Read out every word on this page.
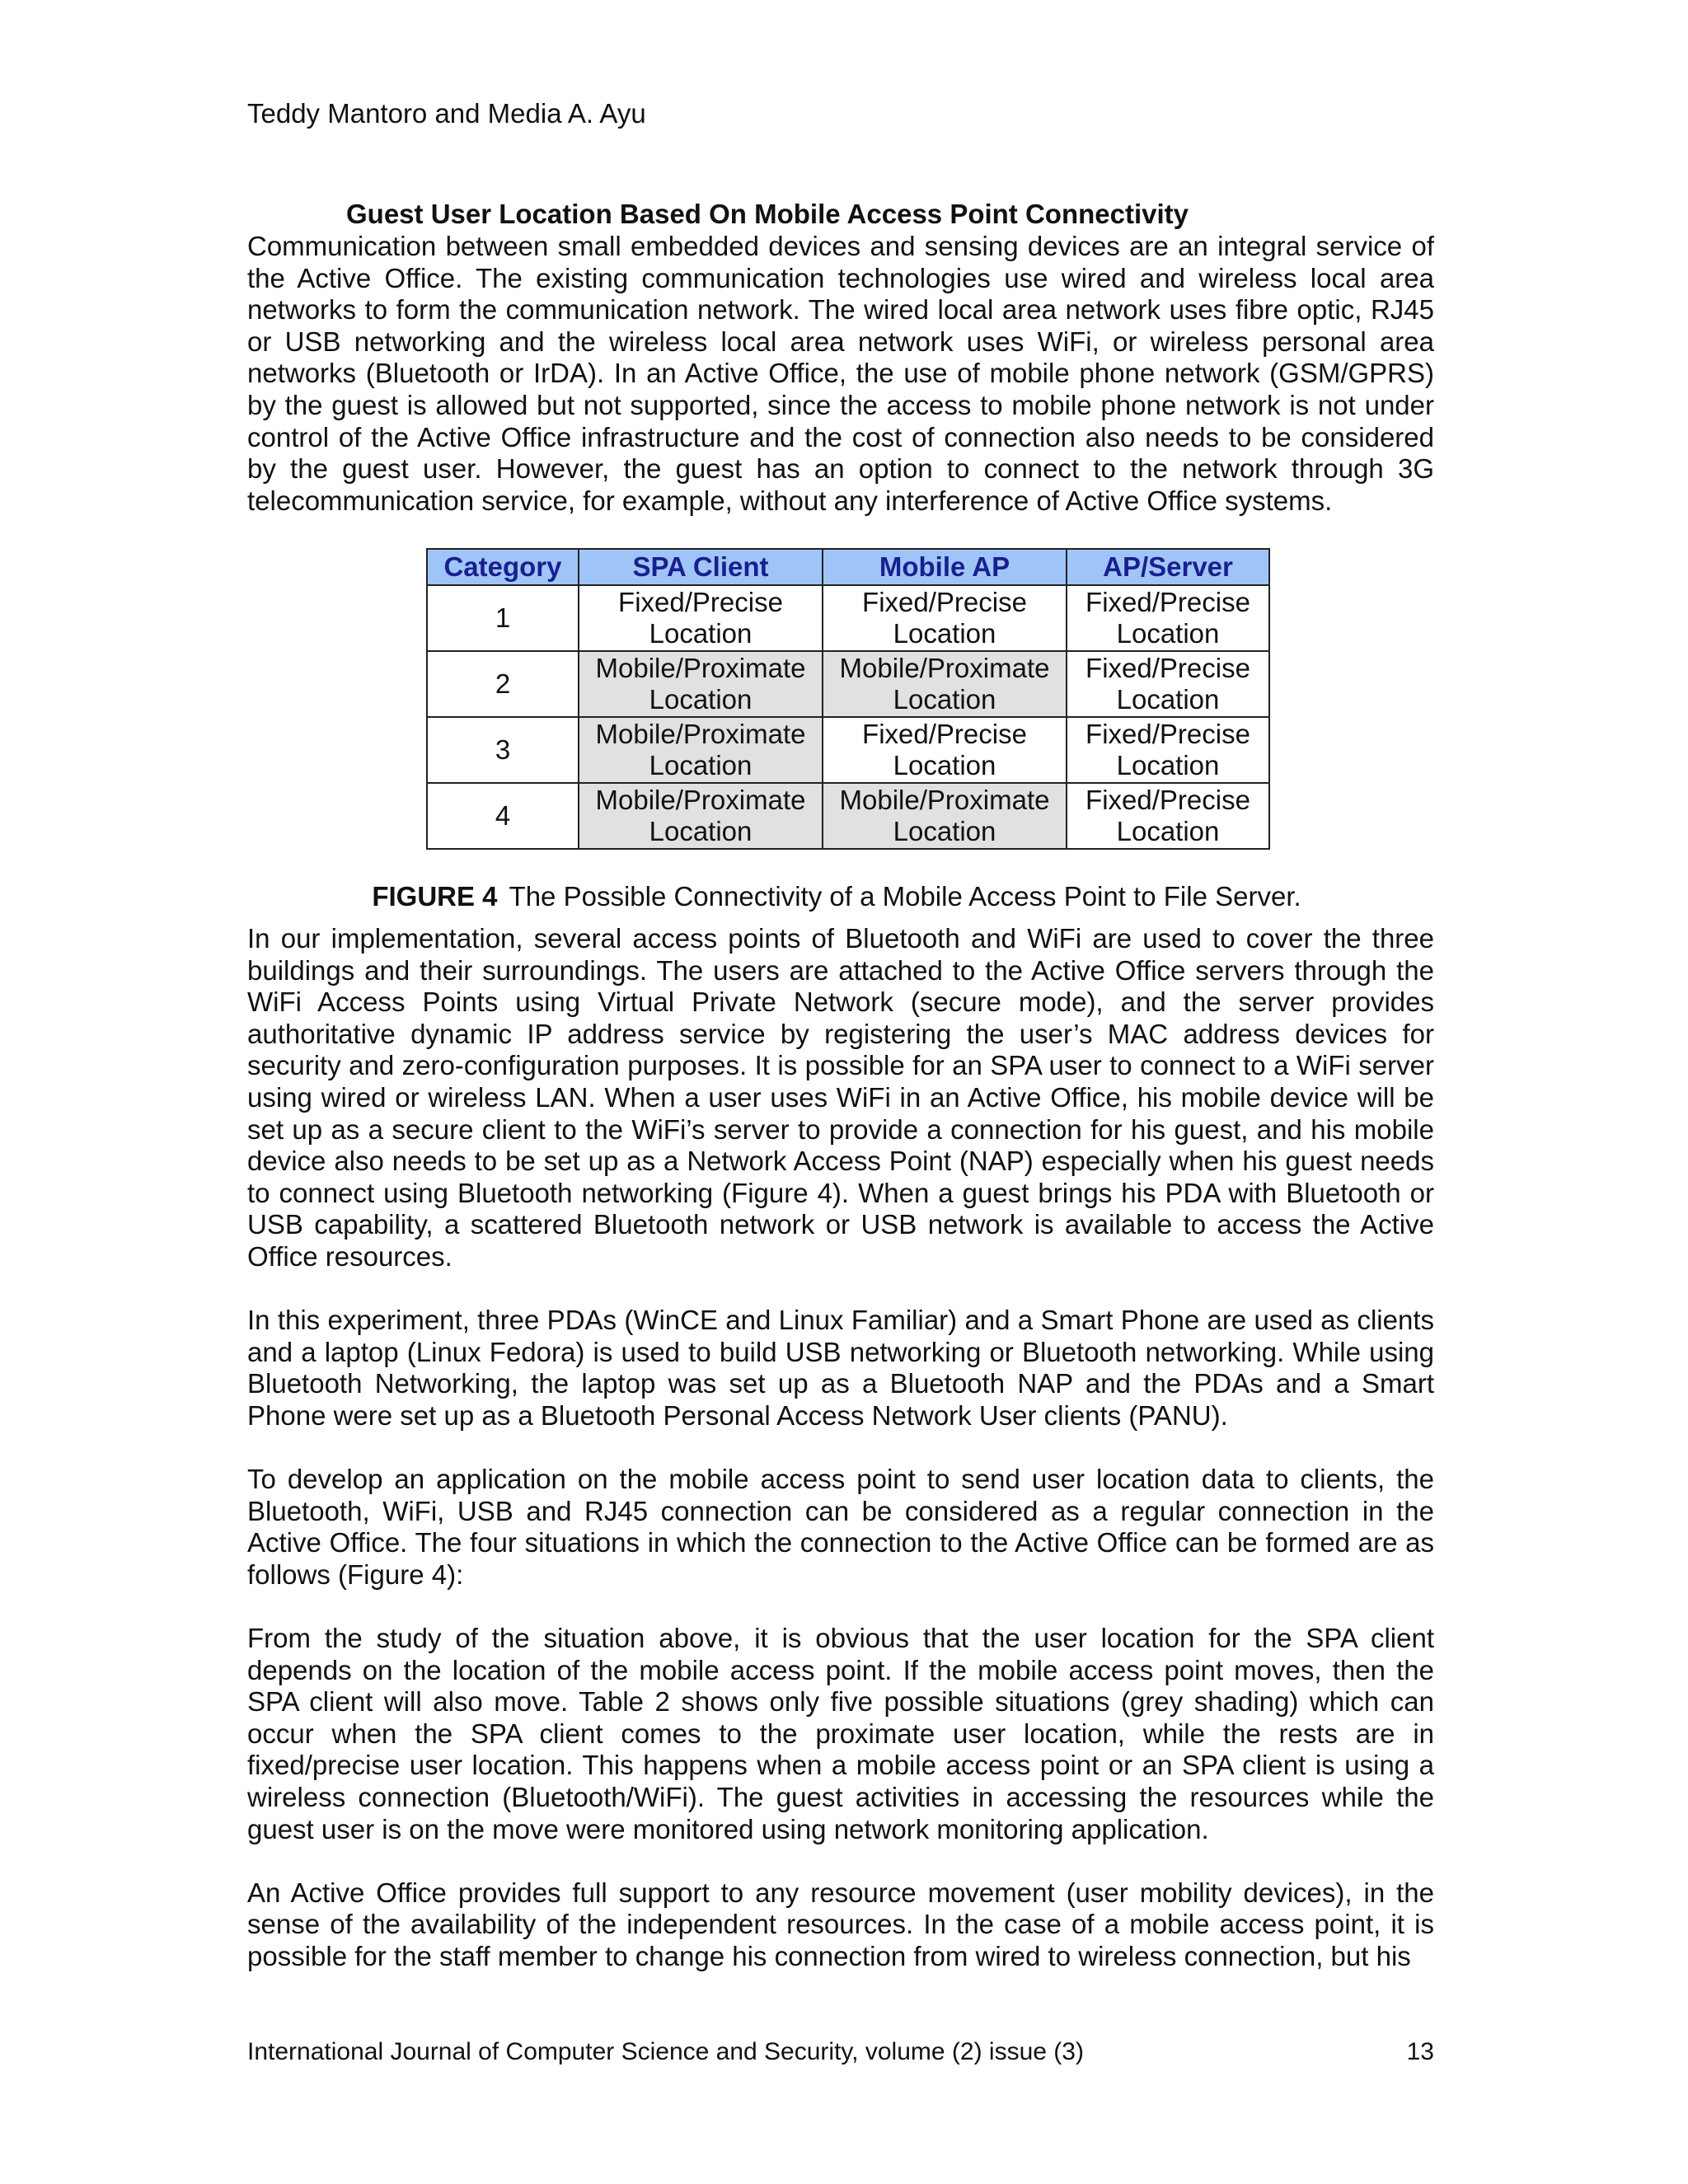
Teddy Mantoro and Media A. Ayu
Guest User Location Based On Mobile Access Point Connectivity

Communication between small embedded devices and sensing devices are an integral service of the Active Office. The existing communication technologies use wired and wireless local area networks to form the communication network. The wired local area network uses fibre optic, RJ45 or USB networking and the wireless local area network uses WiFi, or wireless personal area networks (Bluetooth or IrDA). In an Active Office, the use of mobile phone network (GSM/GPRS) by the guest is allowed but not supported, since the access to mobile phone network is not under control of the Active Office infrastructure and the cost of connection also needs to be considered by the guest user. However, the guest has an option to connect to the network through 3G telecommunication service, for example, without any interference of Active Office systems.

Category	SPA Client	Mobile AP	AP/Server
1	Fixed/Precise Location	Fixed/Precise Location	Fixed/Precise Location
2	Mobile/Proximate Location	Mobile/Proximate Location	Fixed/Precise Location
3	Mobile/Proximate Location	Fixed/Precise Location	Fixed/Precise Location
4	Mobile/Proximate Location	Mobile/Proximate Location	Fixed/Precise Location
FIGURE 4 The Possible Connectivity of a Mobile Access Point to File Server.

In our implementation, several access points of Bluetooth and WiFi are used to cover the three buildings and their surroundings. The users are attached to the Active Office servers through the WiFi Access Points using Virtual Private Network (secure mode), and the server provides authoritative dynamic IP address service by registering the user’s MAC address devices for security and zero-configuration purposes. It is possible for an SPA user to connect to a WiFi server using wired or wireless LAN. When a user uses WiFi in an Active Office, his mobile device will be set up as a secure client to the WiFi’s server to provide a connection for his guest, and his mobile device also needs to be set up as a Network Access Point (NAP) especially when his guest needs to connect using Bluetooth networking (Figure 4). When a guest brings his PDA with Bluetooth or USB capability, a scattered Bluetooth network or USB network is available to access the Active Office resources.

In this experiment, three PDAs (WinCE and Linux Familiar) and a Smart Phone are used as clients and a laptop (Linux Fedora) is used to build USB networking or Bluetooth networking. While using Bluetooth Networking, the laptop was set up as a Bluetooth NAP and the PDAs and a Smart Phone were set up as a Bluetooth Personal Access Network User clients (PANU).

To develop an application on the mobile access point to send user location data to clients, the Bluetooth, WiFi, USB and RJ45 connection can be considered as a regular connection in the Active Office. The four situations in which the connection to the Active Office can be formed are as follows (Figure 4):

From the study of the situation above, it is obvious that the user location for the SPA client depends on the location of the mobile access point. If the mobile access point moves, then the SPA client will also move. Table 2 shows only five possible situations (grey shading) which can occur when the SPA client comes to the proximate user location, while the rests are in fixed/precise user location. This happens when a mobile access point or an SPA client is using a wireless connection (Bluetooth/WiFi). The guest activities in accessing the resources while the guest user is on the move were monitored using network monitoring application.

An Active Office provides full support to any resource movement (user mobility devices), in the sense of the availability of the independent resources. In the case of a mobile access point, it is possible for the staff member to change his connection from wired to wireless connection, but his

International Journal of Computer Science and Security, volume (2) issue (3)	13
